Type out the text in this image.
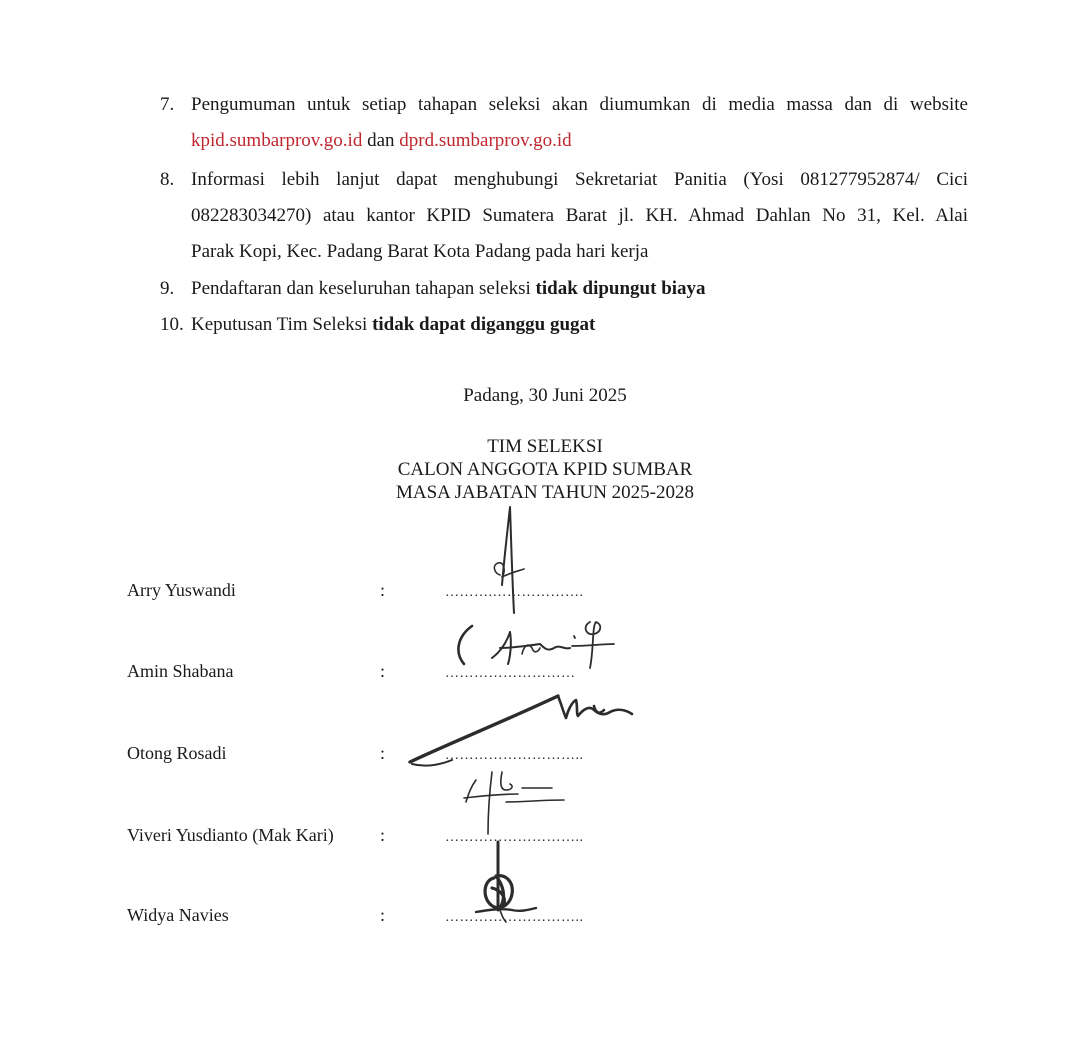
7. Pengumuman untuk setiap tahapan seleksi akan diumumkan di media massa dan di website
kpid.sumbarprov.go.id dan dprd.sumbarprov.go.id
8. Informasi lebih lanjut dapat menghubungi Sekretariat Panitia (Yosi 081277952874/ Cici
082283034270) atau kantor KPID Sumatera Barat jl. KH. Ahmad Dahlan No 31, Kel. Alai
Parak Kopi, Kec. Padang Barat Kota Padang pada hari kerja
9. Pendaftaran dan keseluruhan tahapan seleksi tidak dipungut biaya
10. Keputusan Tim Seleksi tidak dapat diganggu gugat
Padang, 30 Juni 2025
TIM SELEKSI
CALON ANGGOTA KPID SUMBAR
MASA JABATAN TAHUN 2025-2028
Arry Yuswandi	:	……….……………….
Amin Shabana	:	………………………
Otong Rosadi	:	………………………..
Viveri Yusdianto (Mak Kari)	:	………………………..
Widya Navies	:	………………………..
